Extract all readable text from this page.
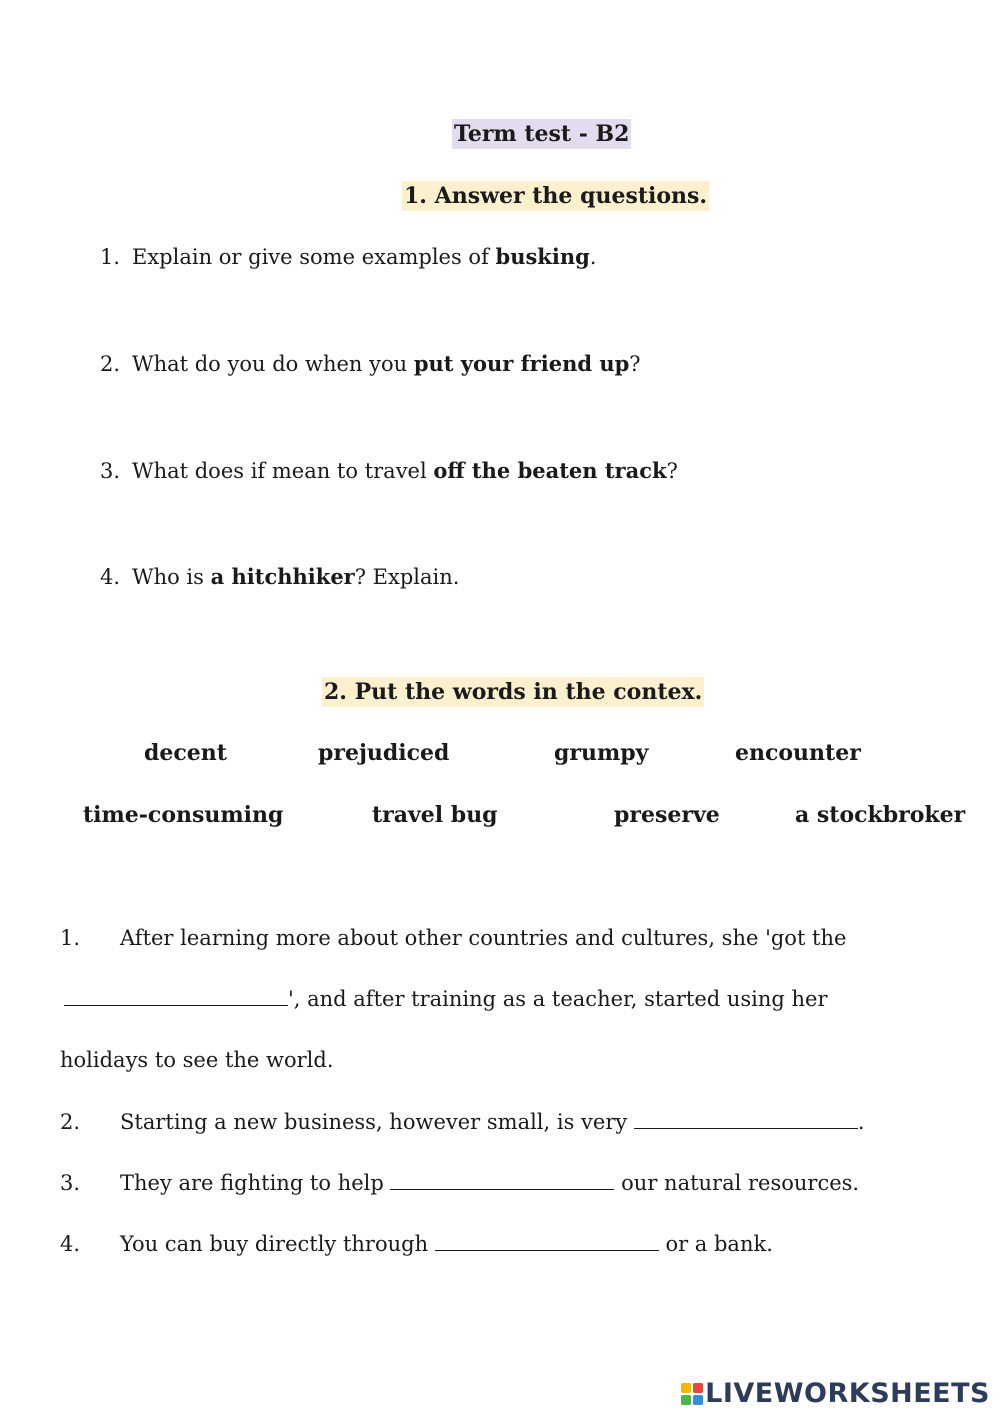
Term test - B2
1. Answer the questions.
1. Explain or give some examples of busking.
2. What do you do when you put your friend up?
3. What does if mean to travel off the beaten track?
4. Who is a hitchhiker? Explain.
2. Put the words in the contex.
decent	prejudiced	grumpy	encounter
time-consuming	travel bug	preserve	a stockbroker
1. After learning more about other countries and cultures, she 'got the
', and after training as a teacher, started using her
holidays to see the world.
2. Starting a new business, however small, is very	.
3. They are fighting to help	our natural resources.
4. You can buy directly through	or a bank.
LIVEWORKSHEETS
